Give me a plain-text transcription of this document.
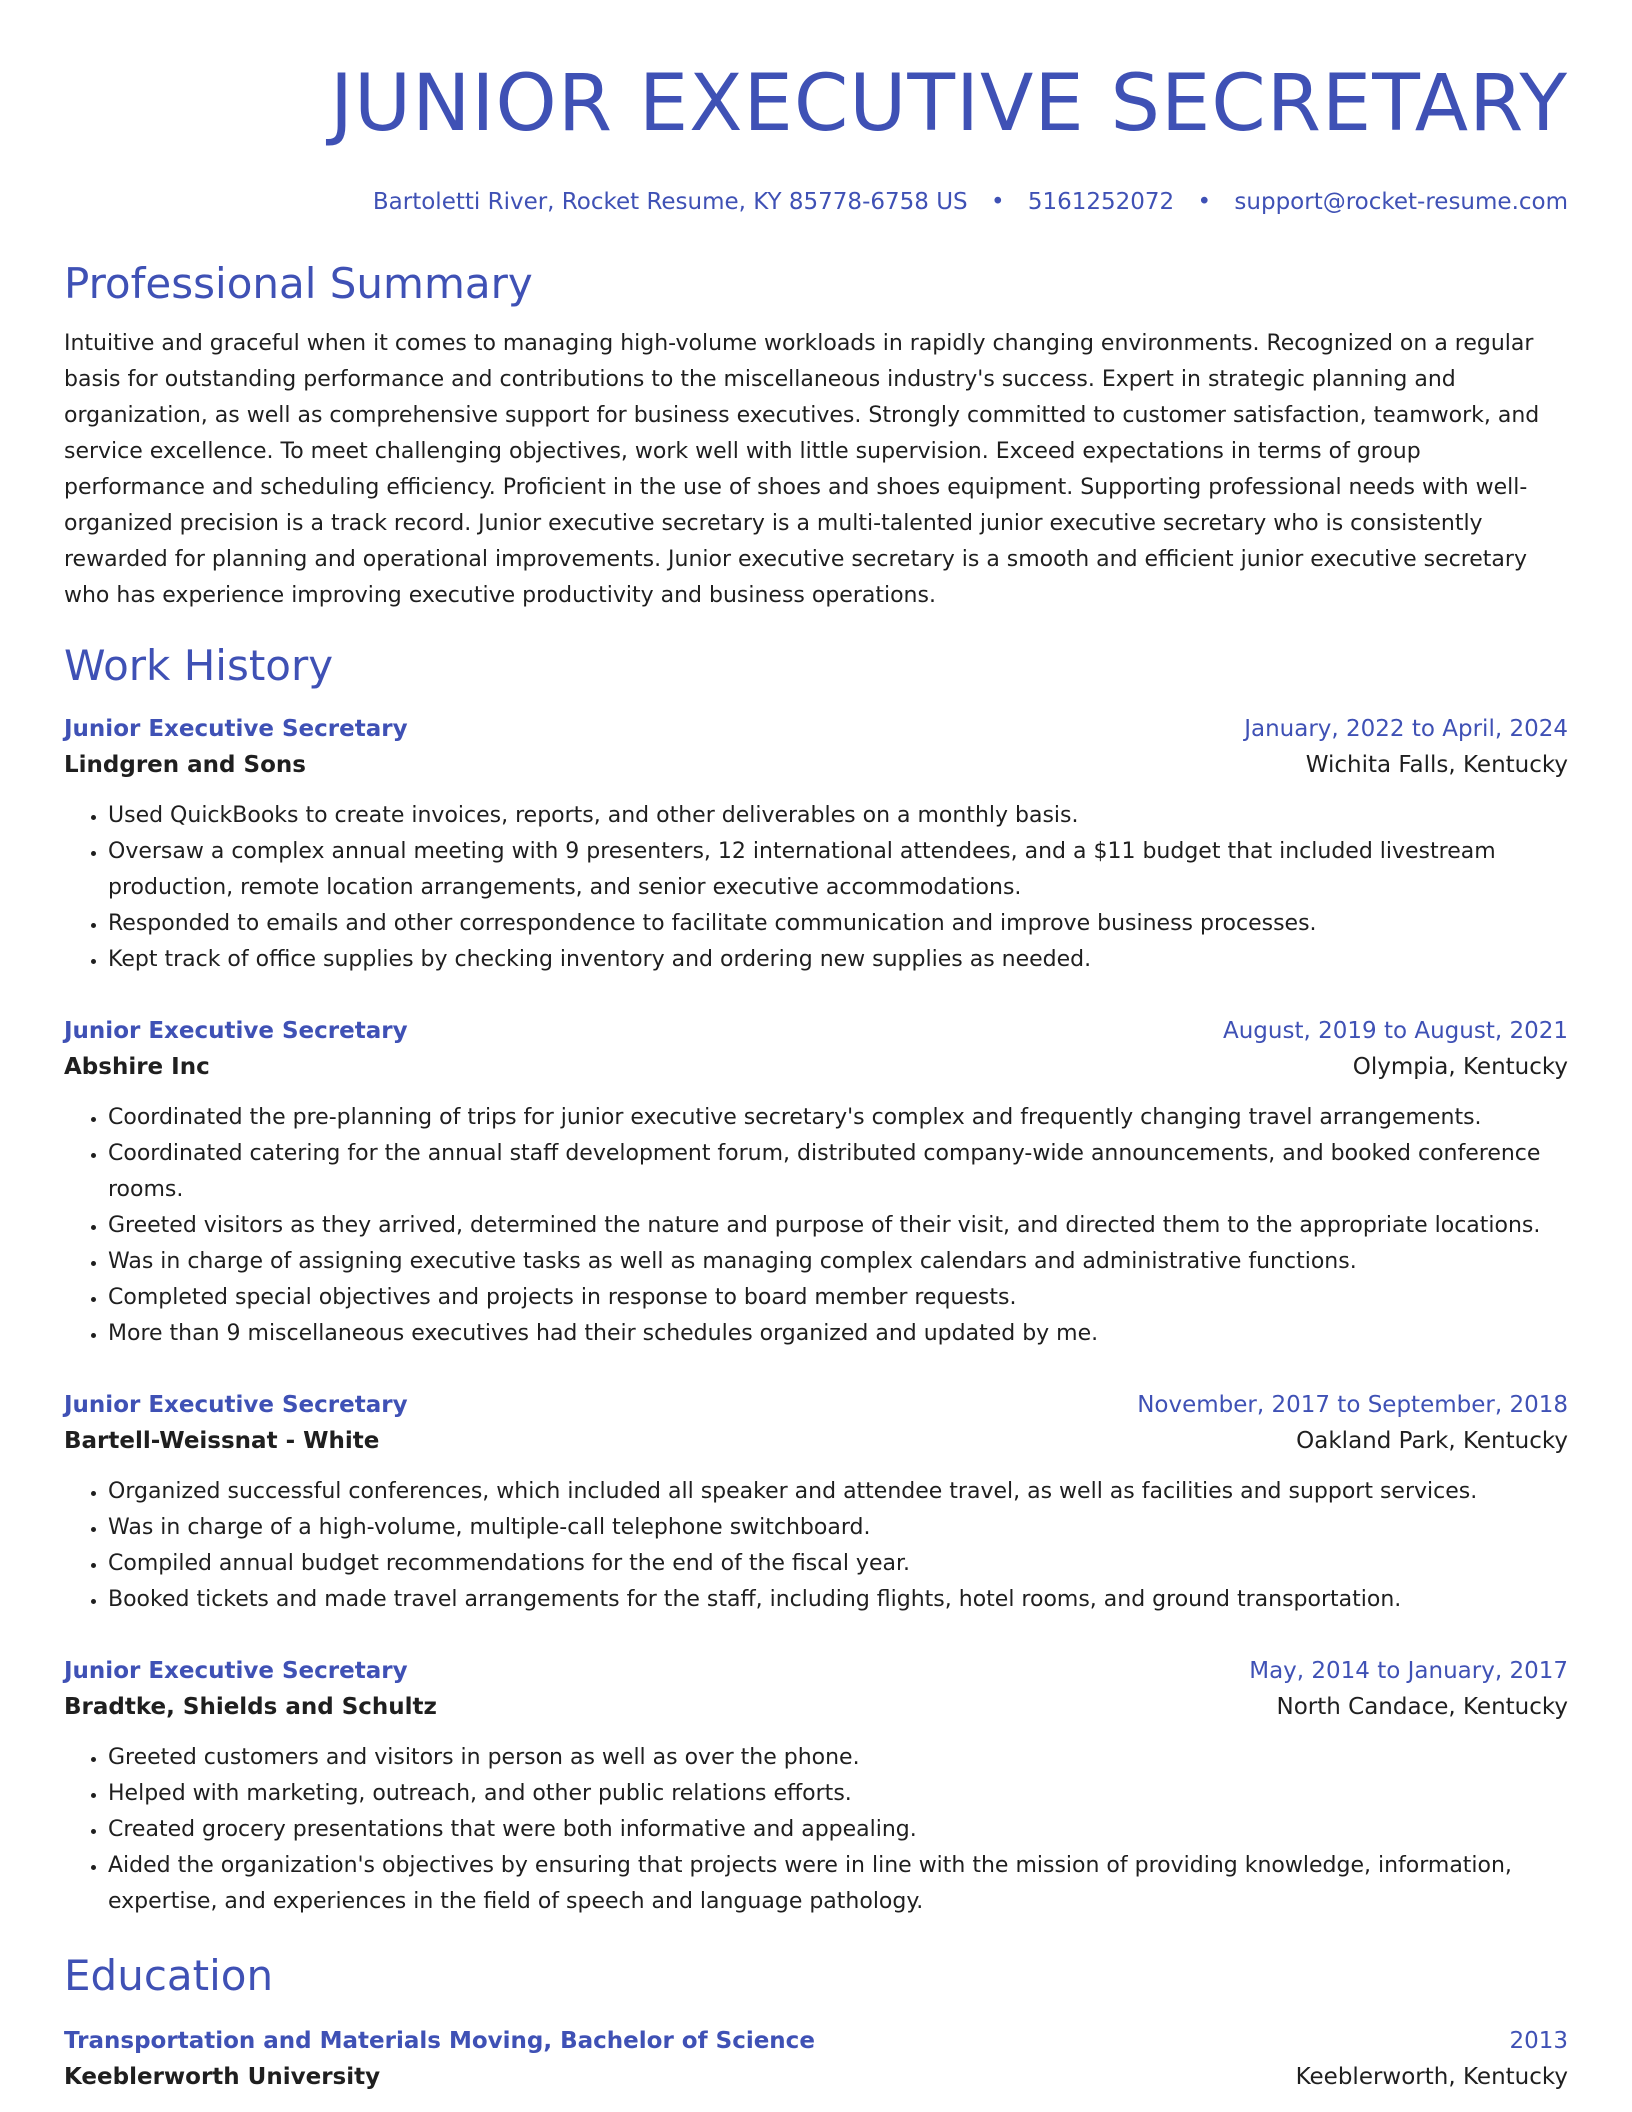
JUNIOR EXECUTIVE SECRETARY
Bartoletti River, Rocket Resume, KY 85778-6758 US • 5161252072 • support@rocket-resume.com
Professional Summary

Intuitive and graceful when it comes to managing high-volume workloads in rapidly changing environments. Recognized on a regular basis for outstanding performance and contributions to the miscellaneous industry's success. Expert in strategic planning and organization, as well as comprehensive support for business executives. Strongly committed to customer satisfaction, teamwork, and service excellence. To meet challenging objectives, work well with little supervision. Exceed expectations in terms of group performance and scheduling efficiency. Proficient in the use of shoes and shoes equipment. Supporting professional needs with well-organized precision is a track record. Junior executive secretary is a multi-talented junior executive secretary who is consistently rewarded for planning and operational improvements. Junior executive secretary is a smooth and efficient junior executive secretary who has experience improving executive productivity and business operations.

Work History
Junior Executive Secretary	January, 2022 to April, 2024
Lindgren and Sons	Wichita Falls, Kentucky
• Used QuickBooks to create invoices, reports, and other deliverables on a monthly basis.
• Oversaw a complex annual meeting with 9 presenters, 12 international attendees, and a $11 budget that included livestream production, remote location arrangements, and senior executive accommodations.
• Responded to emails and other correspondence to facilitate communication and improve business processes.
• Kept track of office supplies by checking inventory and ordering new supplies as needed.
Junior Executive Secretary	August, 2019 to August, 2021
Abshire Inc	Olympia, Kentucky
• Coordinated the pre-planning of trips for junior executive secretary's complex and frequently changing travel arrangements.
• Coordinated catering for the annual staff development forum, distributed company-wide announcements, and booked conference rooms.
• Greeted visitors as they arrived, determined the nature and purpose of their visit, and directed them to the appropriate locations.
• Was in charge of assigning executive tasks as well as managing complex calendars and administrative functions.
• Completed special objectives and projects in response to board member requests.
• More than 9 miscellaneous executives had their schedules organized and updated by me.
Junior Executive Secretary	November, 2017 to September, 2018
Bartell-Weissnat - White	Oakland Park, Kentucky
• Organized successful conferences, which included all speaker and attendee travel, as well as facilities and support services.
• Was in charge of a high-volume, multiple-call telephone switchboard.
• Compiled annual budget recommendations for the end of the fiscal year.
• Booked tickets and made travel arrangements for the staff, including flights, hotel rooms, and ground transportation.
Junior Executive Secretary	May, 2014 to January, 2017
Bradtke, Shields and Schultz	North Candace, Kentucky
• Greeted customers and visitors in person as well as over the phone.
• Helped with marketing, outreach, and other public relations efforts.
• Created grocery presentations that were both informative and appealing.
• Aided the organization's objectives by ensuring that projects were in line with the mission of providing knowledge, information, expertise, and experiences in the field of speech and language pathology.
Education
Transportation and Materials Moving, Bachelor of Science	2013
Keeblerworth University	Keeblerworth, Kentucky
